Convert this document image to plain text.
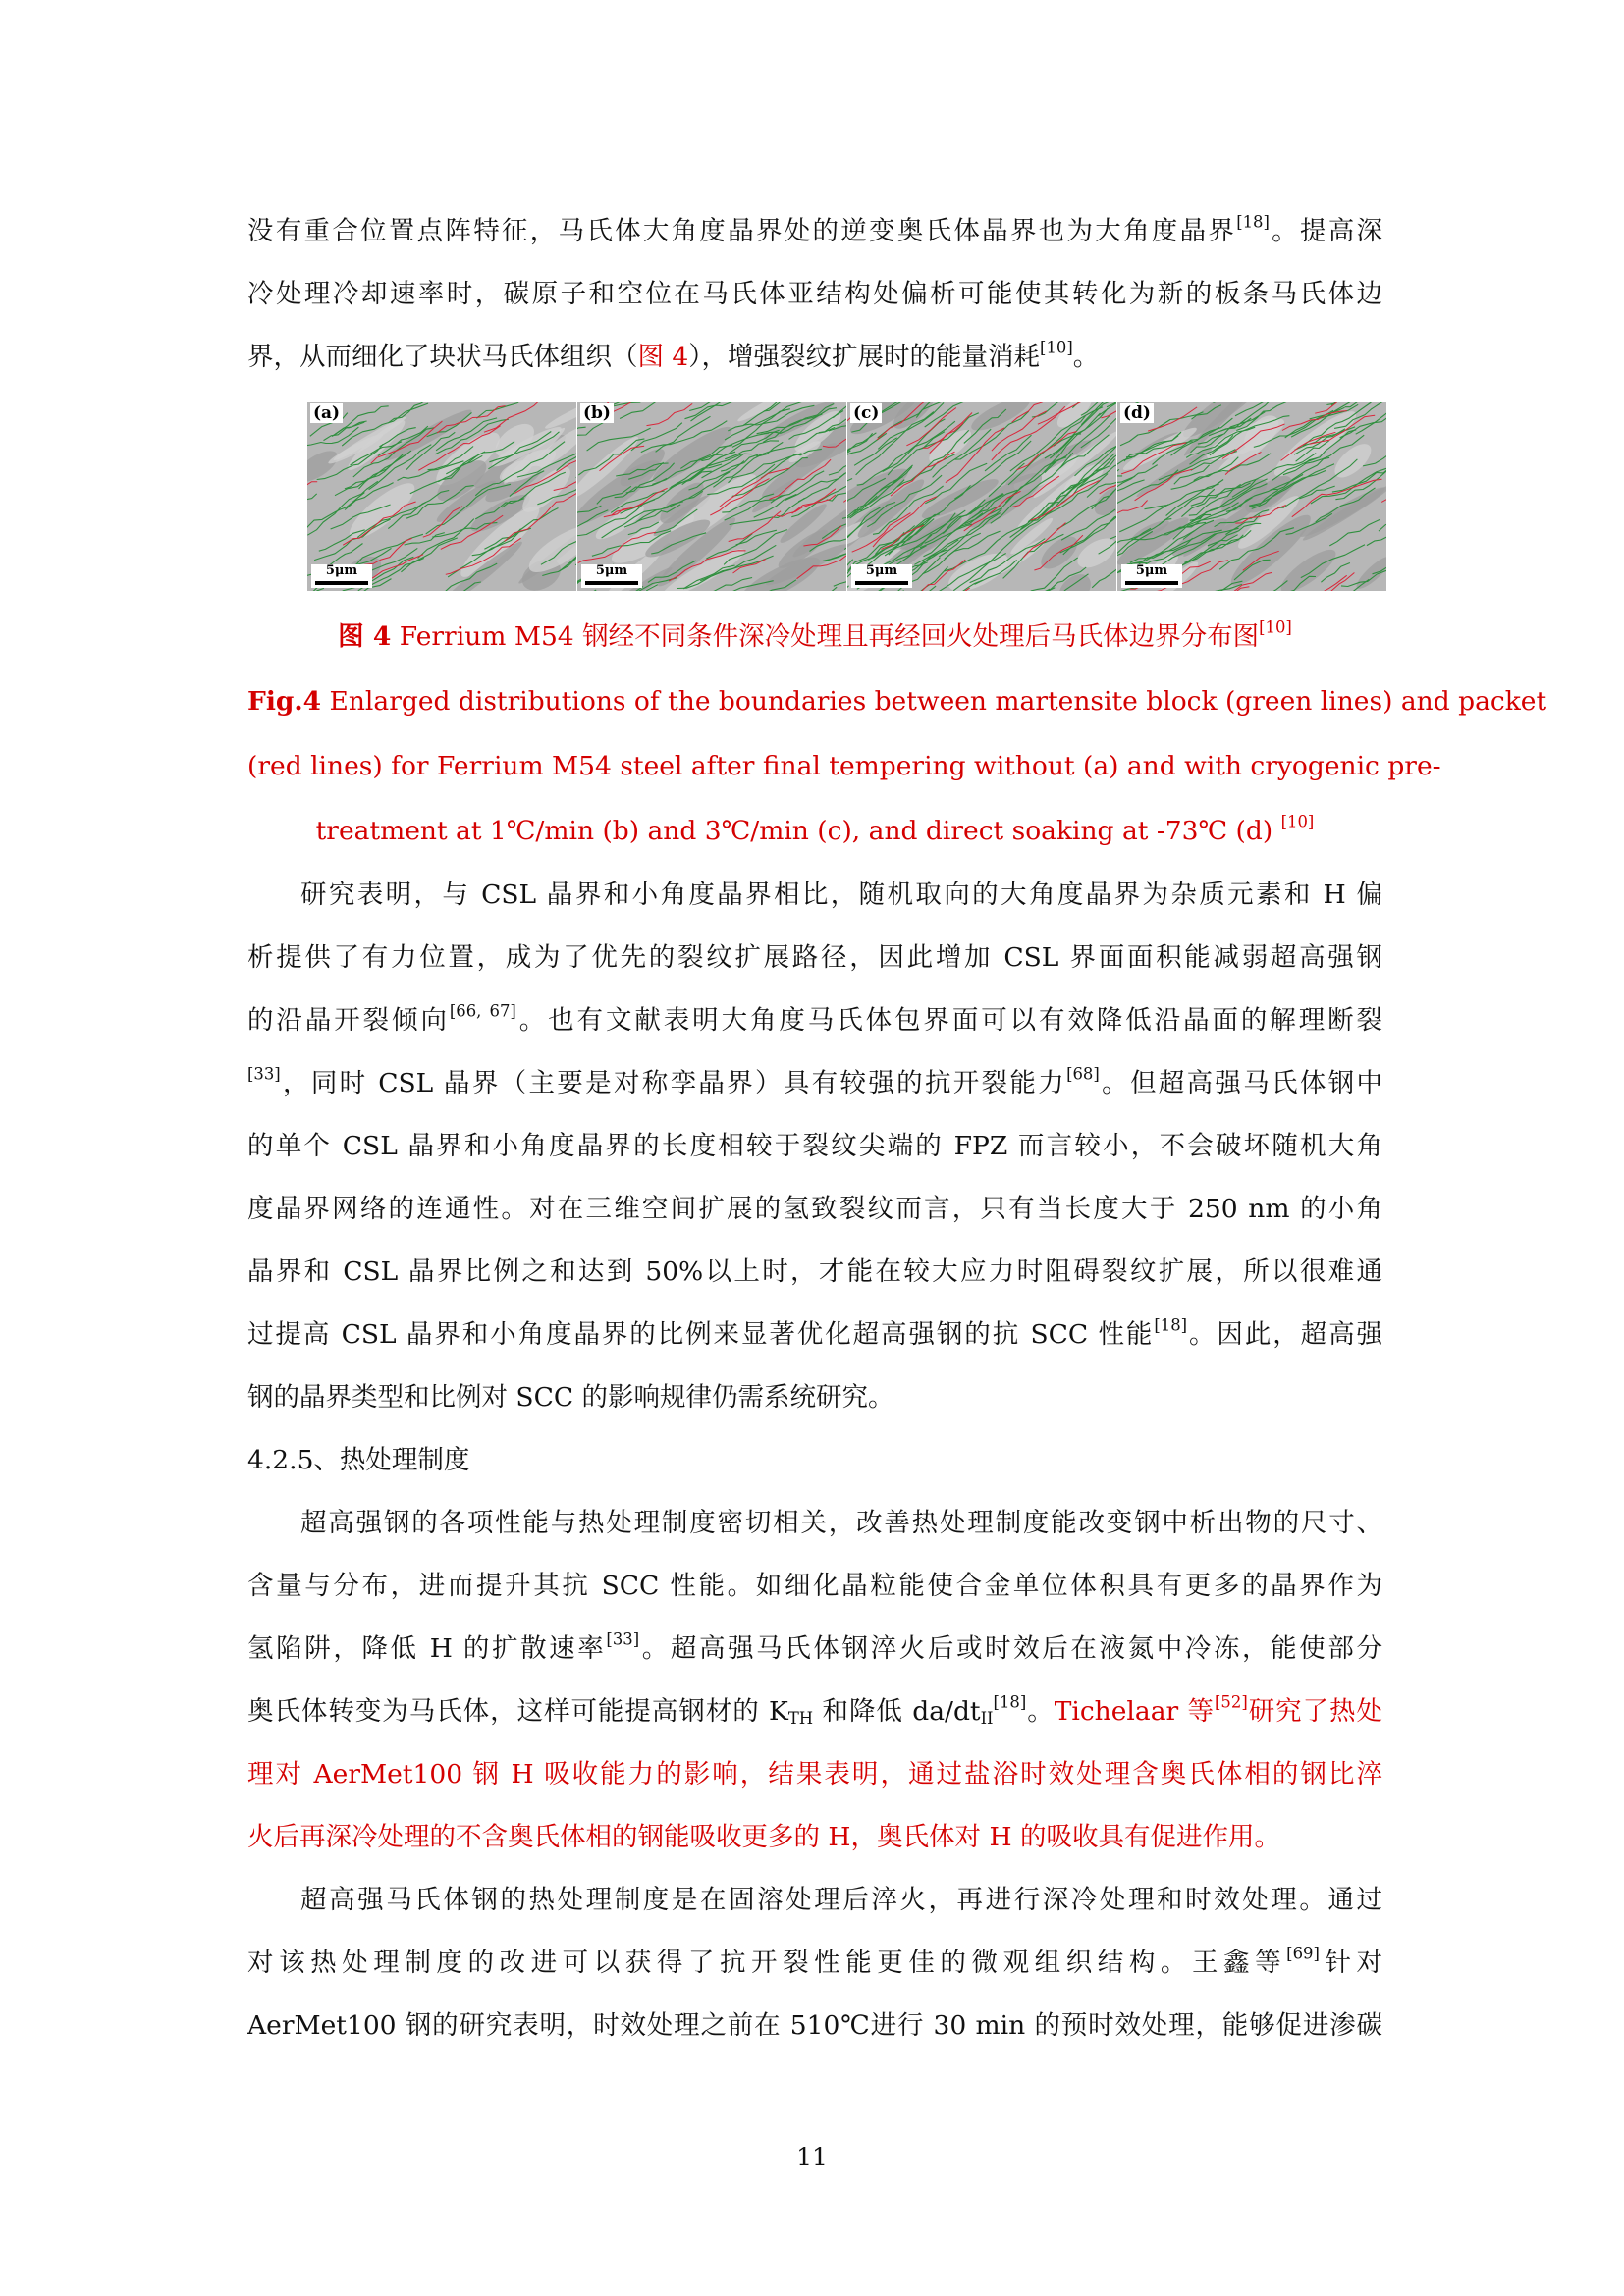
没有重合位置点阵特征，马氏体大角度晶界处的逆变奥氏体晶界也为大角度晶界[18]。提高深
冷处理冷却速率时，碳原子和空位在马氏体亚结构处偏析可能使其转化为新的板条马氏体边
界，从而细化了块状马氏体组织（图 4），增强裂纹扩展时的能量消耗[10]。
(a)
5μm
(b)
5μm
(c)
5μm
(d)
5μm
图 4 Ferrium M54 钢经不同条件深冷处理且再经回火处理后马氏体边界分布图[10]
Fig.4 Enlarged distributions of the boundaries between martensite block (green lines) and packet
(red lines) for Ferrium M54 steel after final tempering without (a) and with cryogenic pre-
treatment at 1℃/min (b) and 3℃/min (c), and direct soaking at -73℃ (d) [10]
研究表明，与 CSL 晶界和小角度晶界相比，随机取向的大角度晶界为杂质元素和 H 偏
析提供了有力位置，成为了优先的裂纹扩展路径，因此增加 CSL 界面面积能减弱超高强钢
的沿晶开裂倾向[66, 67]。也有文献表明大角度马氏体包界面可以有效降低沿晶面的解理断裂
[33]，同时 CSL 晶界（主要是对称孪晶界）具有较强的抗开裂能力[68]。但超高强马氏体钢中
的单个 CSL 晶界和小角度晶界的长度相较于裂纹尖端的 FPZ 而言较小，不会破坏随机大角
度晶界网络的连通性。对在三维空间扩展的氢致裂纹而言，只有当长度大于 250 nm 的小角
晶界和 CSL 晶界比例之和达到 50%以上时，才能在较大应力时阻碍裂纹扩展，所以很难通
过提高 CSL 晶界和小角度晶界的比例来显著优化超高强钢的抗 SCC 性能[18]。因此，超高强
钢的晶界类型和比例对 SCC 的影响规律仍需系统研究。
4.2.5、热处理制度
超高强钢的各项性能与热处理制度密切相关，改善热处理制度能改变钢中析出物的尺寸、
含量与分布，进而提升其抗 SCC 性能。如细化晶粒能使合金单位体积具有更多的晶界作为
氢陷阱，降低 H 的扩散速率[33]。超高强马氏体钢淬火后或时效后在液氮中冷冻，能使部分
奥氏体转变为马氏体，这样可能提高钢材的 $K_{TH}$ 和降低 $da/dt_{II}[18]$。Tichelaar 等[52]研究了热处
理对 AerMet100 钢 H 吸收能力的影响，结果表明，通过盐浴时效处理含奥氏体相的钢比淬
火后再深冷处理的不含奥氏体相的钢能吸收更多的 H，奥氏体对 H 的吸收具有促进作用。
超高强马氏体钢的热处理制度是在固溶处理后淬火，再进行深冷处理和时效处理。通过
对该热处理制度的改进可以获得了抗开裂性能更佳的微观组织结构。王鑫等[69]针对
AerMet100 钢的研究表明，时效处理之前在 510℃进行 30 min 的预时效处理，能够促进渗碳
11
